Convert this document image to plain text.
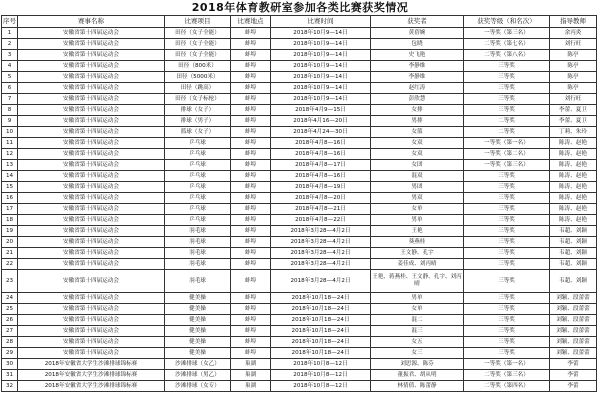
2018年体育教研室参加各类比赛获奖情况
序号	赛事名称	比赛项目	比赛地点	比赛时间	获奖者	获奖等级（和名次）	指导教师
1	安徽省第十四届运动会	田径（女子全能）	蚌埠	2018年10月9—14日	黄蓓婉	一等奖（第三名）	余丙炎
2	安徽省第十四届运动会	田径（女子全能）	蚌埠	2018年10月9—14日	包晓	二等奖（第七名）	刘行旺
3	安徽省第十四届运动会	田径（女子全能）	蚌埠	2018年10月9—14日	史飞艳	二等奖（第八名）	陈亭
4	安徽省第十四届运动会	田径（800米）	蚌埠	2018年10月9—14日	李静维	三等奖	陈亭
5	安徽省第十四届运动会	田径（5000米）	蚌埠	2018年10月9—14日	李静维	三等奖	陈亭
6	安徽省第十四届运动会	田径（跳高）	蚌埠	2018年10月9—14日	赵红涛	三等奖	陈亭
7	安徽省第十四届运动会	田径（女子标枪）	蚌埠	2018年10月9—14日	彭欣慧	三等奖	刘行旺
8	安徽省第十四届运动会	排球（女子）	蚌埠	2018年4月9—15日	女排	三等奖	李蕾、夏卫
9	安徽省第十四届运动会	排球（男子）	蚌埠	2018年4月16—20日	男排	二等奖	李蕾、夏卫
10	安徽省第十四届运动会	篮球（女子）	蚌埠	2018年4月24—30日	女篮	二等奖	丁莉、朱玲
11	安徽省第十四届运动会	乒乓球	蚌埠	2018年4月8—16日	女双	一等奖（第一名）	陈涛、赵艳
12	安徽省第十四届运动会	乒乓球	蚌埠	2018年4月8—16日	女双	一等奖（第二名）	陈涛、赵艳
13	安徽省第十四届运动会	乒乓球	蚌埠	2018年4月8—17日	女团	一等奖（第三名）	陈涛、赵艳
14	安徽省第十四届运动会	乒乓球	蚌埠	2018年4月8—16日	混双	三等奖	陈涛、赵艳
15	安徽省第十四届运动会	乒乓球	蚌埠	2018年4月8—19日	男团	三等奖	陈涛、赵艳
16	安徽省第十四届运动会	乒乓球	蚌埠	2018年4月8—20日	男双	三等奖	陈涛、赵艳
17	安徽省第十四届运动会	乒乓球	蚌埠	2018年4月8—21日	女单	三等奖	陈涛、赵艳
18	安徽省第十四届运动会	乒乓球	蚌埠	2018年4月8—22日	男单	三等奖	陈涛、赵艳
19	安徽省第十四届运动会	羽毛球	蚌埠	2018年3月28—4月2日	王艳	三等奖	韦超、刘颖
20	安徽省第十四届运动会	羽毛球	蚌埠	2018年3月28—4月2日	葵燕桂	三等奖	韦超、刘颖
21	安徽省第十四届运动会	羽毛球	蚌埠	2018年3月28—4月2日	王文静、孔宇	三等奖	韦超、刘颖
22	安徽省第十四届运动会	羽毛球	蚌埠	2018年3月28—4月2日	姜佳成、刘丙晴	三等奖	韦超、刘颖
23	安徽省第十四届运动会	羽毛球	蚌埠	2018年3月28—4月2日	王艳、蒋燕桂、王文静、孔宇、刘丙晴	三等奖	韦超、刘颖
24	安徽省第十四届运动会	健美操	蚌埠	2018年10月18—24日	男单	三等奖	刘颖、段蕾蕾
25	安徽省第十四届运动会	健美操	蚌埠	2018年10月18—24日	女单	三等奖	刘颖、段蕾蕾
26	安徽省第十四届运动会	健美操	蚌埠	2018年10月18—24日	混二	三等奖	刘颖、段蕾蕾
27	安徽省第十四届运动会	健美操	蚌埠	2018年10月18—24日	混三	三等奖	刘颖、段蕾蕾
28	安徽省第十四届运动会	健美操	蚌埠	2018年10月18—24日	女五	三等奖	刘颖、段蕾蕾
29	安徽省第十四届运动会	健美操	蚌埠	2018年10月18—24日	女三	三等奖	刘颖、段蕾蕾
30	2018年安徽省大学生沙滩排球锦标赛	沙滩排球（女乙）	巢湖	2018年10月8—12日	刘思源、陈芬	一等奖（第一名）	李蕾
31	2018年安徽省大学生沙滩排球锦标赛	沙滩排球（男乙）	巢湖	2018年10月8—12日	董振君、胡从明	二等奖（第三名）	李蕾
32	2018年安徽省大学生沙滩排球锦标赛	沙滩排球（女专）	巢湖	2018年10月8—12日	林倩倩、陈蕾静	二等奖（第四名）	李蕾
